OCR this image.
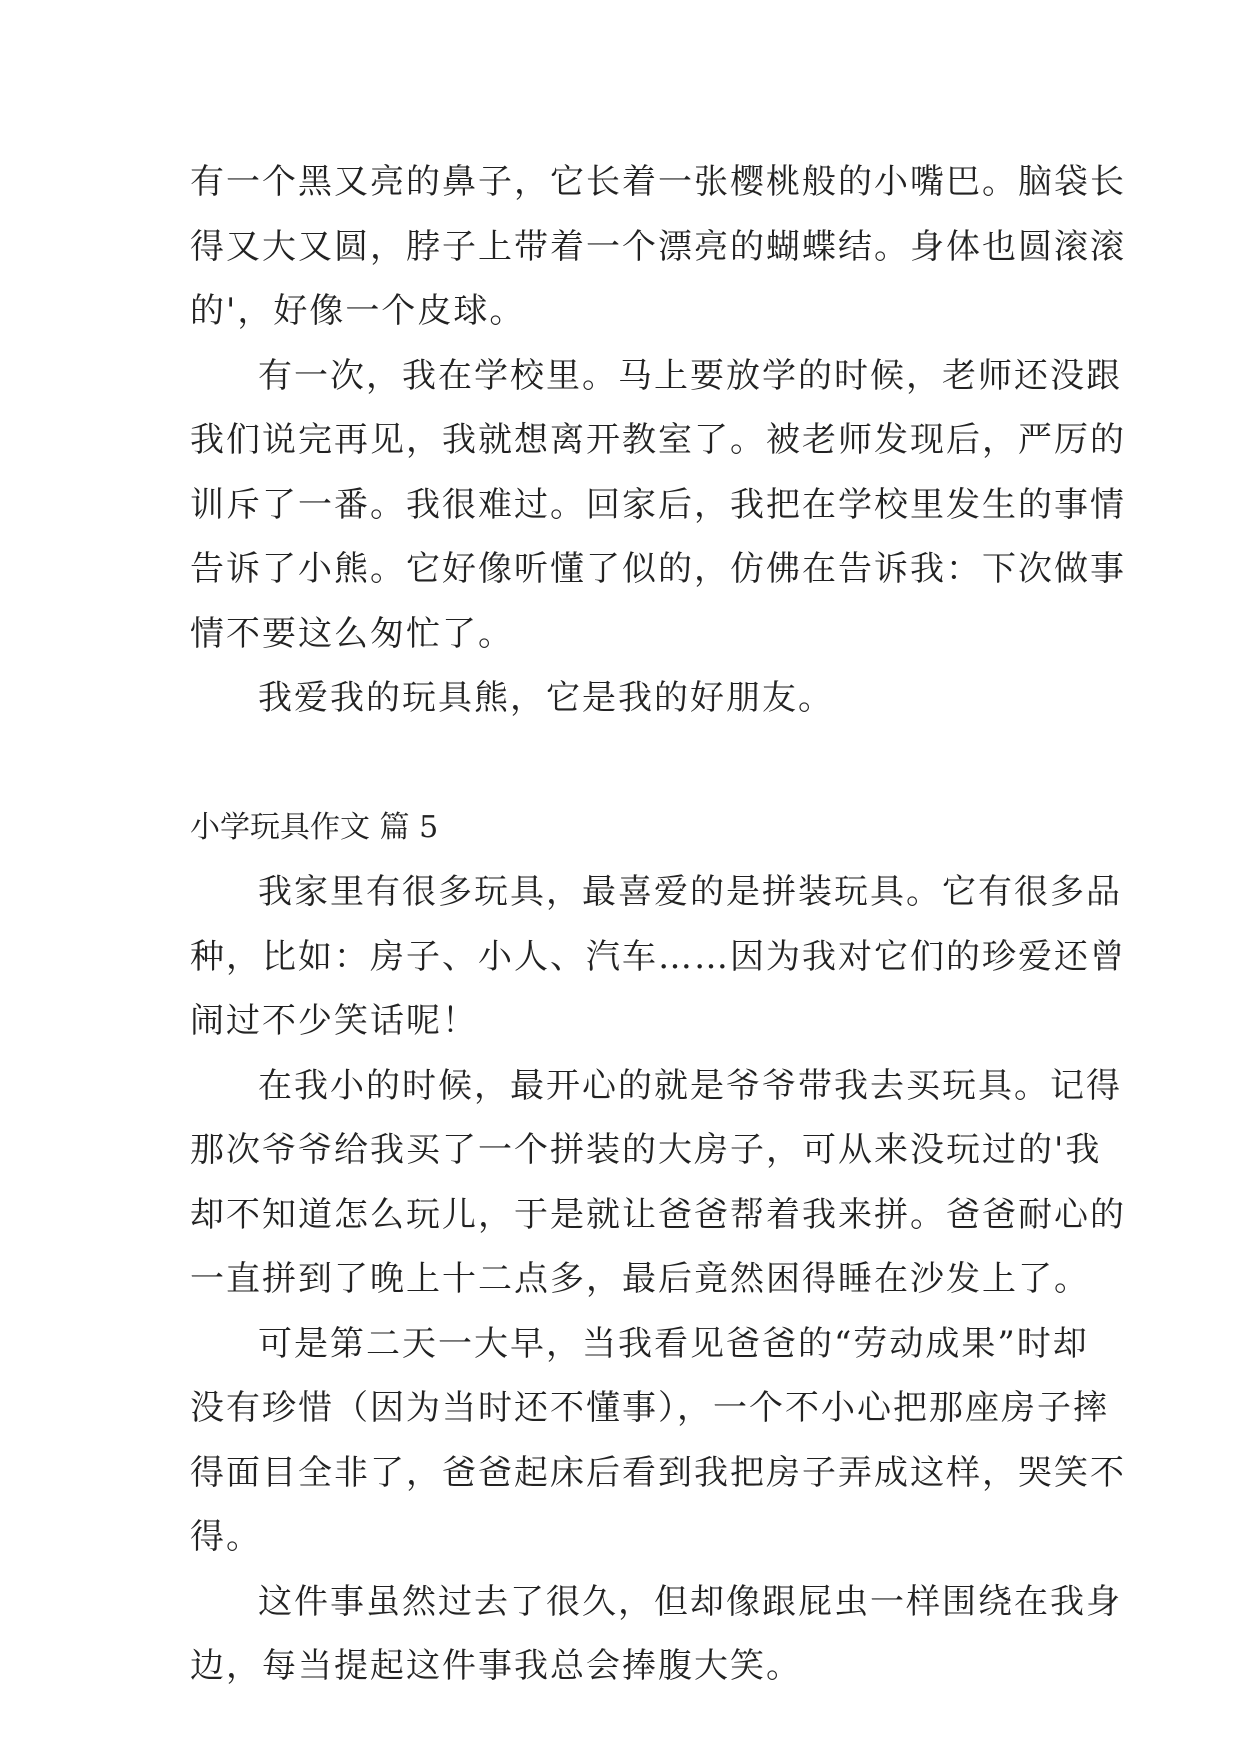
有一个黑又亮的鼻子，它长着一张樱桃般的小嘴巴。脑袋长
得又大又圆，脖子上带着一个漂亮的蝴蝶结。身体也圆滚滚
的'，好像一个皮球。
有一次，我在学校里。马上要放学的时候，老师还没跟
我们说完再见，我就想离开教室了。被老师发现后，严厉的
训斥了一番。我很难过。回家后，我把在学校里发生的事情
告诉了小熊。它好像听懂了似的，仿佛在告诉我：下次做事
情不要这么匆忙了。
我爱我的玩具熊，它是我的好朋友。
小学玩具作文 篇 5
我家里有很多玩具，最喜爱的是拼装玩具。它有很多品
种，比如：房子、小人、汽车……因为我对它们的珍爱还曾
闹过不少笑话呢！
在我小的时候，最开心的就是爷爷带我去买玩具。记得
那次爷爷给我买了一个拼装的大房子，可从来没玩过的'我
却不知道怎么玩儿，于是就让爸爸帮着我来拼。爸爸耐心的
一直拼到了晚上十二点多，最后竟然困得睡在沙发上了。
可是第二天一大早，当我看见爸爸的“劳动成果”时却
没有珍惜（因为当时还不懂事），一个不小心把那座房子摔
得面目全非了，爸爸起床后看到我把房子弄成这样，哭笑不
得。
这件事虽然过去了很久，但却像跟屁虫一样围绕在我身
边，每当提起这件事我总会捧腹大笑。
